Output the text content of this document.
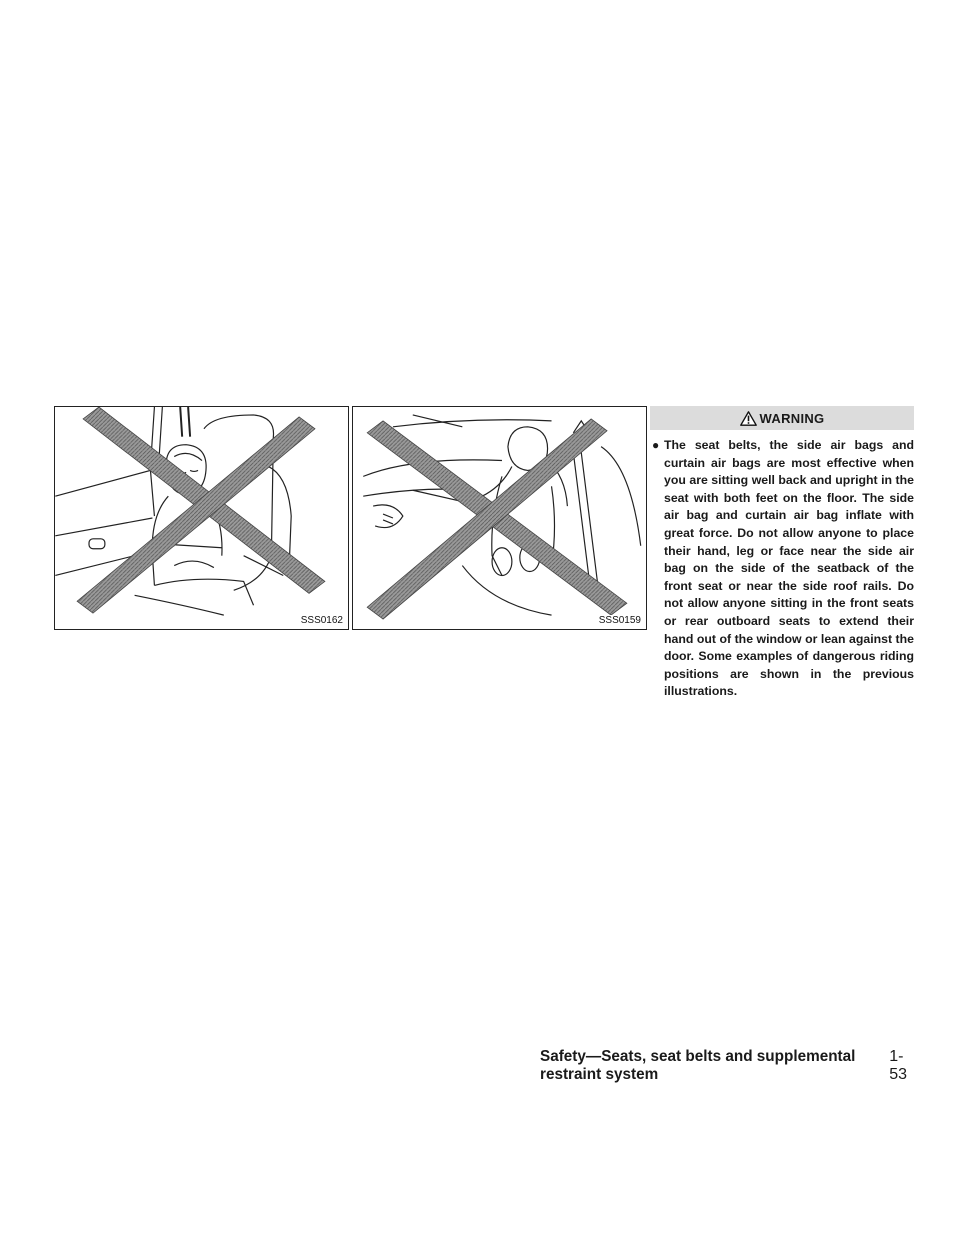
SSS0162	SSS0159
WARNING

● The seat belts, the side air bags and curtain air bags are most effective when you are sitting well back and upright in the seat with both feet on the floor. The side air bag and curtain air bag inflate with great force. Do not allow anyone to place their hand, leg or face near the side air bag on the side of the seatback of the front seat or near the side roof rails. Do not allow anyone sitting in the front seats or rear outboard seats to extend their hand out of the window or lean against the door. Some examples of dangerous riding positions are shown in the previous illustrations.

Safety—Seats, seat belts and supplemental restraint system
1-53
